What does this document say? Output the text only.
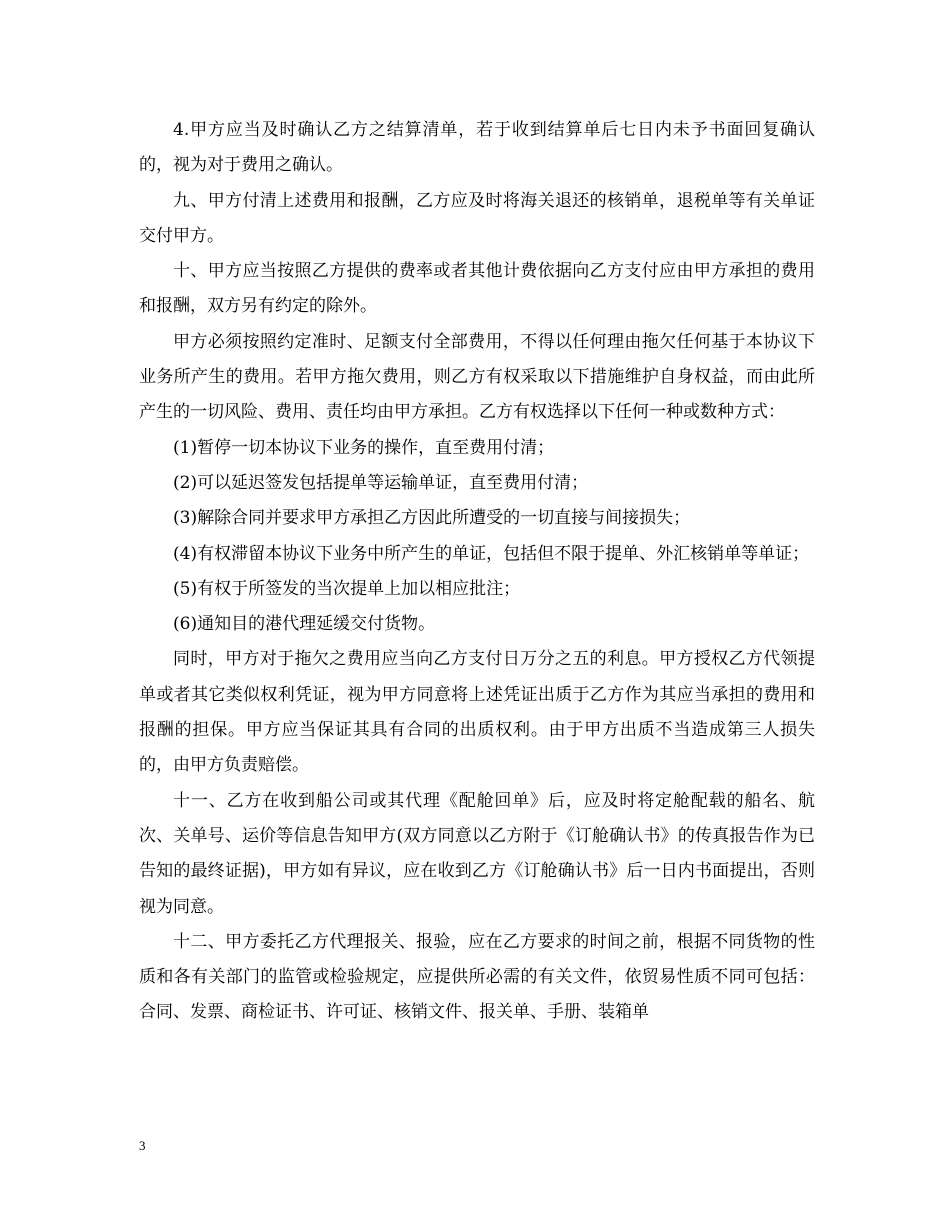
4.甲方应当及时确认乙方之结算清单，若于收到结算单后七日内未予书面回复确认的，视为对于费用之确认。

九、甲方付清上述费用和报酬，乙方应及时将海关退还的核销单，退税单等有关单证交付甲方。

十、甲方应当按照乙方提供的费率或者其他计费依据向乙方支付应由甲方承担的费用和报酬，双方另有约定的除外。

甲方必须按照约定准时、足额支付全部费用，不得以任何理由拖欠任何基于本协议下业务所产生的费用。若甲方拖欠费用，则乙方有权采取以下措施维护自身权益，而由此所产生的一切风险、费用、责任均由甲方承担。乙方有权选择以下任何一种或数种方式：

(1)暂停一切本协议下业务的操作，直至费用付清；

(2)可以延迟签发包括提单等运输单证，直至费用付清；

(3)解除合同并要求甲方承担乙方因此所遭受的一切直接与间接损失；

(4)有权滞留本协议下业务中所产生的单证，包括但不限于提单、外汇核销单等单证；

(5)有权于所签发的当次提单上加以相应批注；

(6)通知目的港代理延缓交付货物。

同时，甲方对于拖欠之费用应当向乙方支付日万分之五的利息。甲方授权乙方代领提单或者其它类似权利凭证，视为甲方同意将上述凭证出质于乙方作为其应当承担的费用和报酬的担保。甲方应当保证其具有合同的出质权利。由于甲方出质不当造成第三人损失的，由甲方负责赔偿。

十一、乙方在收到船公司或其代理《配舱回单》后，应及时将定舱配载的船名、航次、关单号、运价等信息告知甲方(双方同意以乙方附于《订舱确认书》的传真报告作为已告知的最终证据)，甲方如有异议，应在收到乙方《订舱确认书》后一日内书面提出，否则视为同意。

十二、甲方委托乙方代理报关、报验，应在乙方要求的时间之前，根据不同货物的性质和各有关部门的监管或检验规定，应提供所必需的有关文件，依贸易性质不同可包括：合同、发票、商检证书、许可证、核销文件、报关单、手册、装箱单

3
